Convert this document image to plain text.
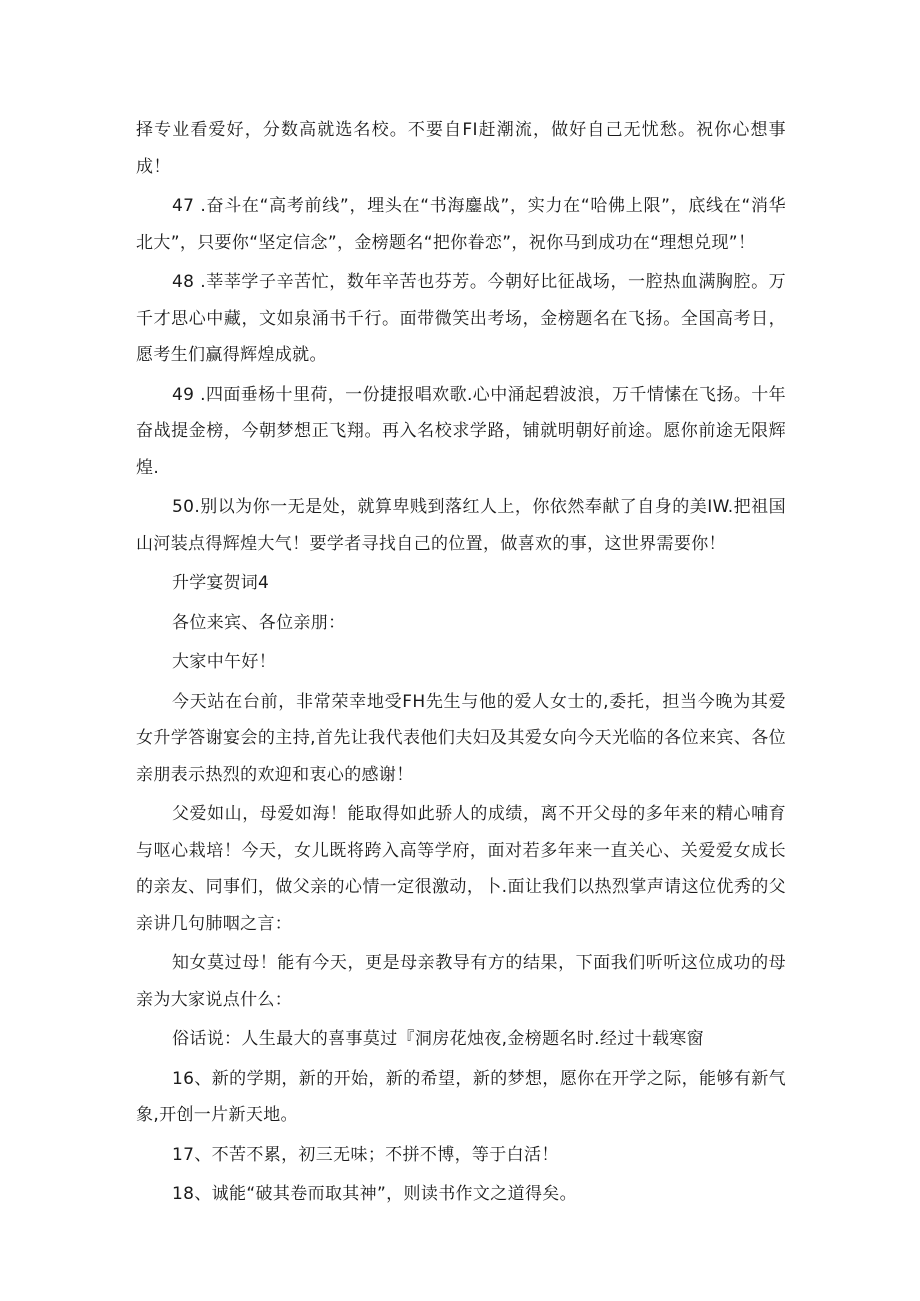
择专业看爱好，分数高就选名校。不要自FI赶潮流，做好自己无忧愁。祝你心想事成！

47 .奋斗在“高考前线”，埋头在“书海鏖战”，实力在“哈佛上限”，底线在“消华北大”，只要你“坚定信念”，金榜题名“把你眷恋”，祝你马到成功在“理想兑现”！

48 .莘莘学子辛苦忙，数年辛苦也芬芳。今朝好比征战场，一腔热血满胸腔。万千才思心中藏，文如泉涌书千行。面带微笑出考场，金榜题名在飞扬。全国高考日，愿考生们赢得辉煌成就。

49 .四面垂杨十里荷，一份捷报唱欢歌.心中涌起碧波浪，万千情愫在飞扬。十年奋战提金榜，今朝梦想正飞翔。再入名校求学路，铺就明朝好前途。愿你前途无限辉煌.

50.别以为你一无是处，就算卑贱到落红人上，你依然奉献了自身的美IW.把祖国山河装点得辉煌大气！要学者寻找自己的位置，做喜欢的事，这世界需要你！

升学宴贺词4

各位来宾、各位亲朋：

大家中午好！

今天站在台前，非常荣幸地受FH先生与他的爱人女士的,委托，担当今晚为其爱女升学答谢宴会的主持,首先让我代表他们夫妇及其爱女向今天光临的各位来宾、各位亲朋表示热烈的欢迎和衷心的感谢！

父爱如山，母爱如海！能取得如此骄人的成绩，离不开父母的多年来的精心哺育与呕心栽培！今天，女儿既将跨入高等学府，面对若多年来一直关心、关爱爱女成长的亲友、同事们，做父亲的心情一定很激动，卜.面让我们以热烈掌声请这位优秀的父亲讲几句肺咽之言：

知女莫过母！能有今天，更是母亲教导有方的结果，下面我们听听这位成功的母亲为大家说点什么：

俗话说：人生最大的喜事莫过『洞房花烛夜,金榜题名时.经过十载寒窗

16、新的学期，新的开始，新的希望，新的梦想，愿你在开学之际，能够有新气象,开创一片新天地。

17、不苦不累，初三无味；不拼不博，等于白活！

18、诚能“破其卷而取其神”，则读书作文之道得矣。
